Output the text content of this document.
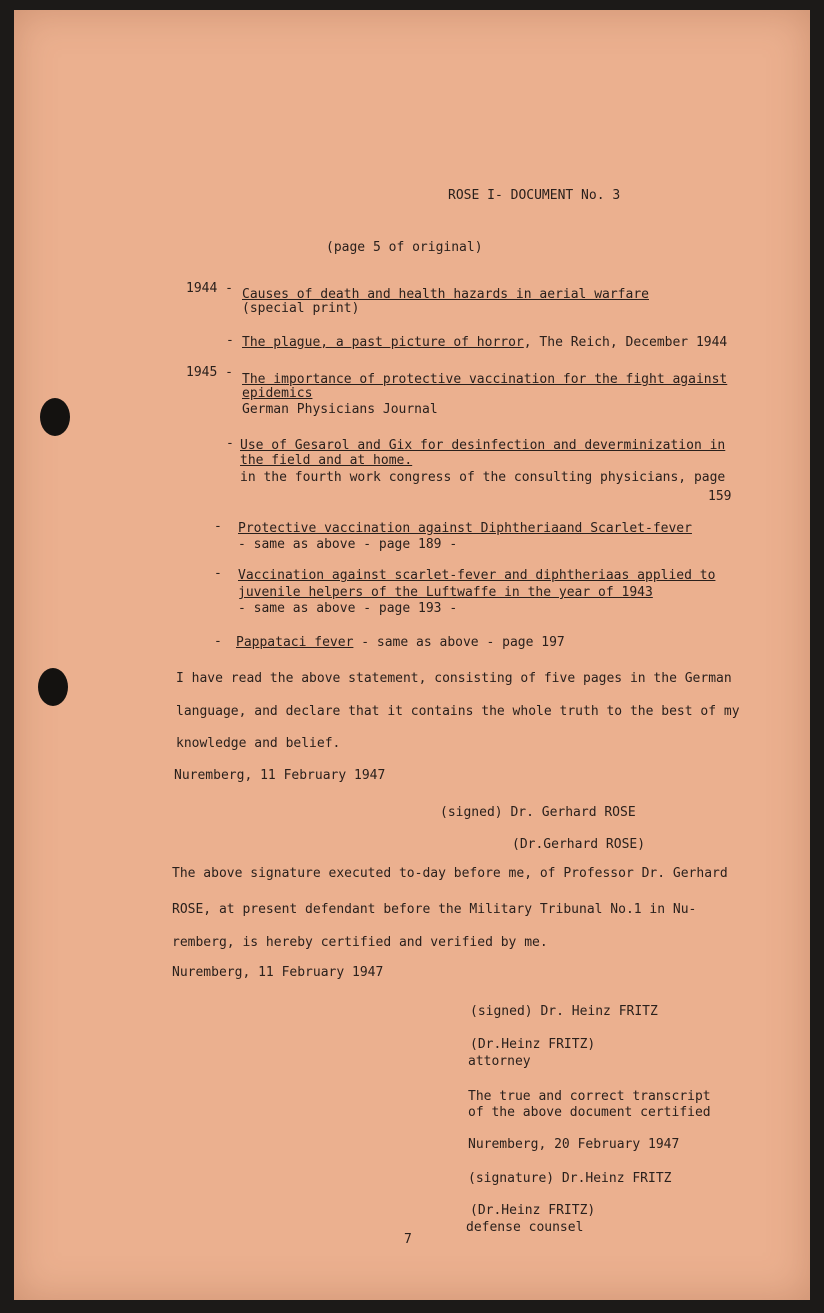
ROSE I- DOCUMENT No. 3

(page 5 of original)

1944 - Causes of death and health hazards in aerial warfare

(special print)

- The plague, a past picture of horror, The Reich, December 1944

1945 - The importance of protective vaccination for the fight against

epidemics

German Physicians Journal

- Use of Gesarol and Gix for desinfection and deverminization in

the field and at home.

in the fourth work congress of the consulting physicians, page

159

- Protective vaccination against Diphtheriaand Scarlet-fever

- same as above - page 189 -

- Vaccination against scarlet-fever and diphtheriaas applied to

juvenile helpers of the Luftwaffe in the year of 1943

- same as above - page 193 -

- Pappataci fever - same as above - page 197

I have read the above statement, consisting of five pages in the German

language, and declare that it contains the whole truth to the best of my

knowledge and belief.

Nuremberg, 11 February 1947

(signed) Dr. Gerhard ROSE

(Dr.Gerhard ROSE)

The above signature executed to-day before me, of Professor Dr. Gerhard

ROSE, at present defendant before the Military Tribunal No.1 in Nu-

remberg, is hereby certified and verified by me.

Nuremberg, 11 February 1947

(signed) Dr. Heinz FRITZ

(Dr.Heinz FRITZ)

attorney

The true and correct transcript

of the above document certified

Nuremberg, 20 February 1947

(signature) Dr.Heinz FRITZ

(Dr.Heinz FRITZ)

defense counsel

7
